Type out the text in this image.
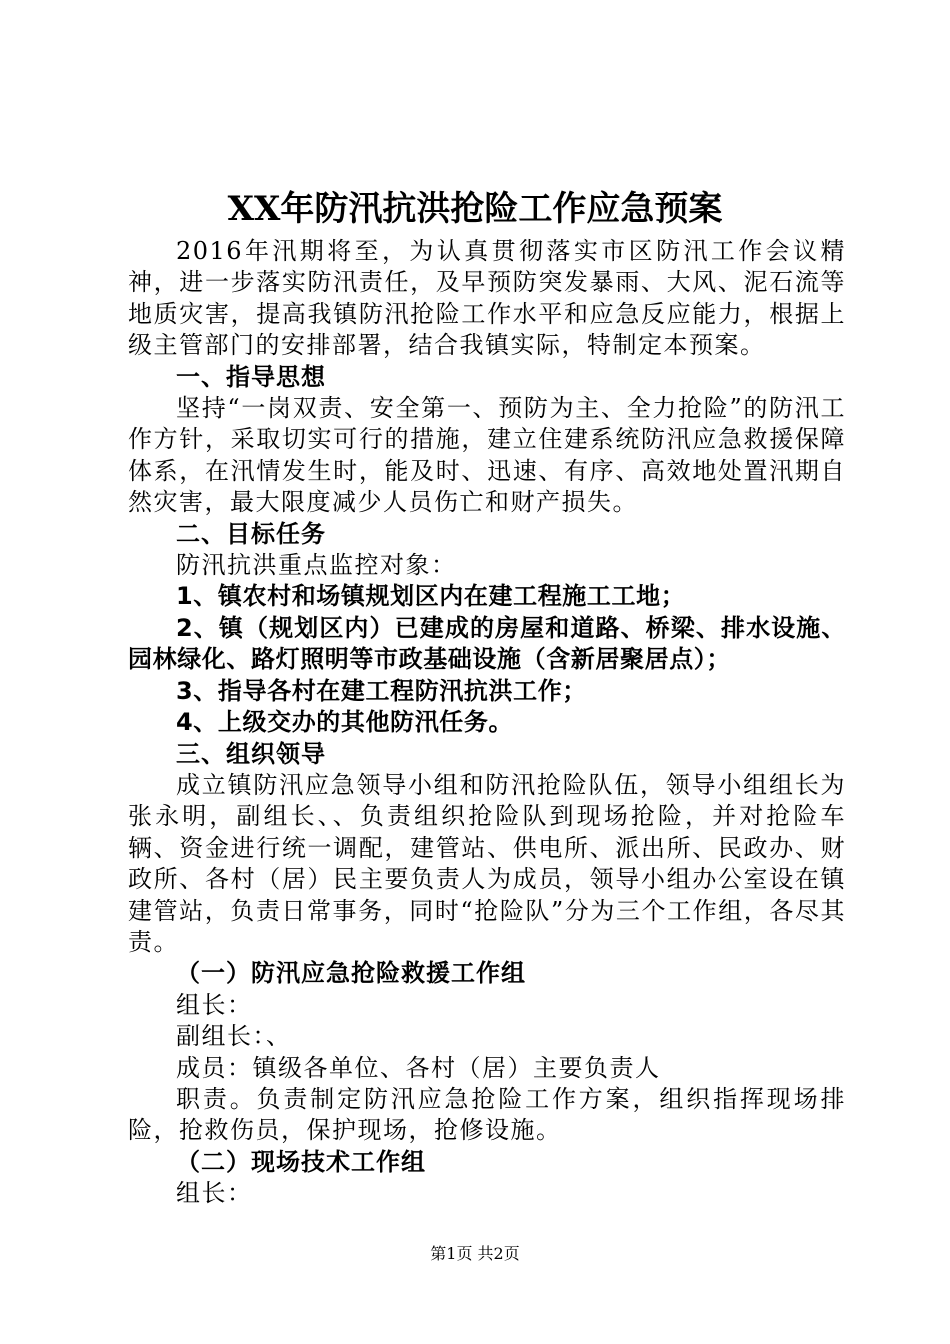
XX年防汛抗洪抢险工作应急预案

2016年汛期将至，为认真贯彻落实市区防汛工作会议精神，进一步落实防汛责任，及早预防突发暴雨、大风、泥石流等地质灾害，提高我镇防汛抢险工作水平和应急反应能力，根据上级主管部门的安排部署，结合我镇实际，特制定本预案。

一、指导思想

坚持“一岗双责、安全第一、预防为主、全力抢险”的防汛工作方针，采取切实可行的措施，建立住建系统防汛应急救援保障体系，在汛情发生时，能及时、迅速、有序、高效地处置汛期自然灾害，最大限度减少人员伤亡和财产损失。

二、目标任务

防汛抗洪重点监控对象：

1、镇农村和场镇规划区内在建工程施工工地；

2、镇（规划区内）已建成的房屋和道路、桥梁、排水设施、园林绿化、路灯照明等市政基础设施（含新居聚居点）；

3、指导各村在建工程防汛抗洪工作；

4、上级交办的其他防汛任务。

三、组织领导

成立镇防汛应急领导小组和防汛抢险队伍，领导小组组长为张永明，副组长、、负责组织抢险队到现场抢险，并对抢险车辆、资金进行统一调配，建管站、供电所、派出所、民政办、财政所、各村（居）民主要负责人为成员，领导小组办公室设在镇建管站，负责日常事务，同时“抢险队”分为三个工作组，各尽其责。

（一）防汛应急抢险救援工作组

组长：

副组长：、

成员：镇级各单位、各村（居）主要负责人

职责。负责制定防汛应急抢险工作方案，组织指挥现场排险，抢救伤员，保护现场，抢修设施。

（二）现场技术工作组

组长：

第1页 共2页
